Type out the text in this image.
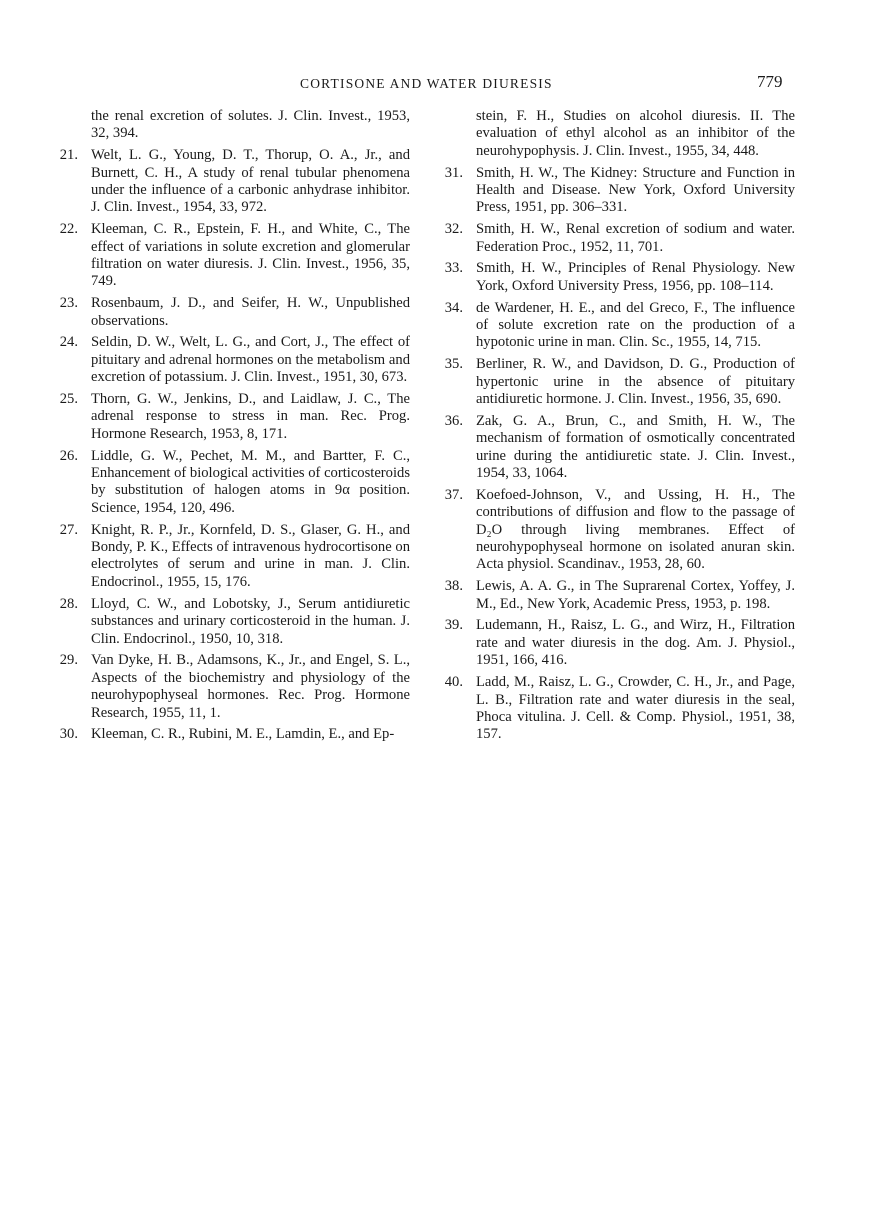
CORTISONE AND WATER DIURESIS	779

the renal excretion of solutes. J. Clin. Invest., 1953, 32, 394.

21. Welt, L. G., Young, D. T., Thorup, O. A., Jr., and Burnett, C. H., A study of renal tubular phenomena under the influence of a carbonic anhydrase inhibitor. J. Clin. Invest., 1954, 33, 972.

22. Kleeman, C. R., Epstein, F. H., and White, C., The effect of variations in solute excretion and glomerular filtration on water diuresis. J. Clin. Invest., 1956, 35, 749.

23. Rosenbaum, J. D., and Seifer, H. W., Unpublished observations.

24. Seldin, D. W., Welt, L. G., and Cort, J., The effect of pituitary and adrenal hormones on the metabolism and excretion of potassium. J. Clin. Invest., 1951, 30, 673.

25. Thorn, G. W., Jenkins, D., and Laidlaw, J. C., The adrenal response to stress in man. Rec. Prog. Hormone Research, 1953, 8, 171.

26. Liddle, G. W., Pechet, M. M., and Bartter, F. C., Enhancement of biological activities of corticosteroids by substitution of halogen atoms in 9α position. Science, 1954, 120, 496.

27. Knight, R. P., Jr., Kornfeld, D. S., Glaser, G. H., and Bondy, P. K., Effects of intravenous hydrocortisone on electrolytes of serum and urine in man. J. Clin. Endocrinol., 1955, 15, 176.

28. Lloyd, C. W., and Lobotsky, J., Serum antidiuretic substances and urinary corticosteroid in the human. J. Clin. Endocrinol., 1950, 10, 318.

29. Van Dyke, H. B., Adamsons, K., Jr., and Engel, S. L., Aspects of the biochemistry and physiology of the neurohypophyseal hormones. Rec. Prog. Hormone Research, 1955, 11, 1.

30. Kleeman, C. R., Rubini, M. E., Lamdin, E., and Ep-

stein, F. H., Studies on alcohol diuresis. II. The evaluation of ethyl alcohol as an inhibitor of the neurohypophysis. J. Clin. Invest., 1955, 34, 448.

31. Smith, H. W., The Kidney: Structure and Function in Health and Disease. New York, Oxford University Press, 1951, pp. 306–331.

32. Smith, H. W., Renal excretion of sodium and water. Federation Proc., 1952, 11, 701.

33. Smith, H. W., Principles of Renal Physiology. New York, Oxford University Press, 1956, pp. 108–114.

34. de Wardener, H. E., and del Greco, F., The influence of solute excretion rate on the production of a hypotonic urine in man. Clin. Sc., 1955, 14, 715.

35. Berliner, R. W., and Davidson, D. G., Production of hypertonic urine in the absence of pituitary antidiuretic hormone. J. Clin. Invest., 1956, 35, 690.

36. Zak, G. A., Brun, C., and Smith, H. W., The mechanism of formation of osmotically concentrated urine during the antidiuretic state. J. Clin. Invest., 1954, 33, 1064.

37. Koefoed-Johnson, V., and Ussing, H. H., The contributions of diffusion and flow to the passage of D₂O through living membranes. Effect of neurohypophyseal hormone on isolated anuran skin. Acta physiol. Scandinav., 1953, 28, 60.

38. Lewis, A. A. G., in The Suprarenal Cortex, Yoffey, J. M., Ed., New York, Academic Press, 1953, p. 198.

39. Ludemann, H., Raisz, L. G., and Wirz, H., Filtration rate and water diuresis in the dog. Am. J. Physiol., 1951, 166, 416.

40. Ladd, M., Raisz, L. G., Crowder, C. H., Jr., and Page, L. B., Filtration rate and water diuresis in the seal, Phoca vitulina. J. Cell. & Comp. Physiol., 1951, 38, 157.
